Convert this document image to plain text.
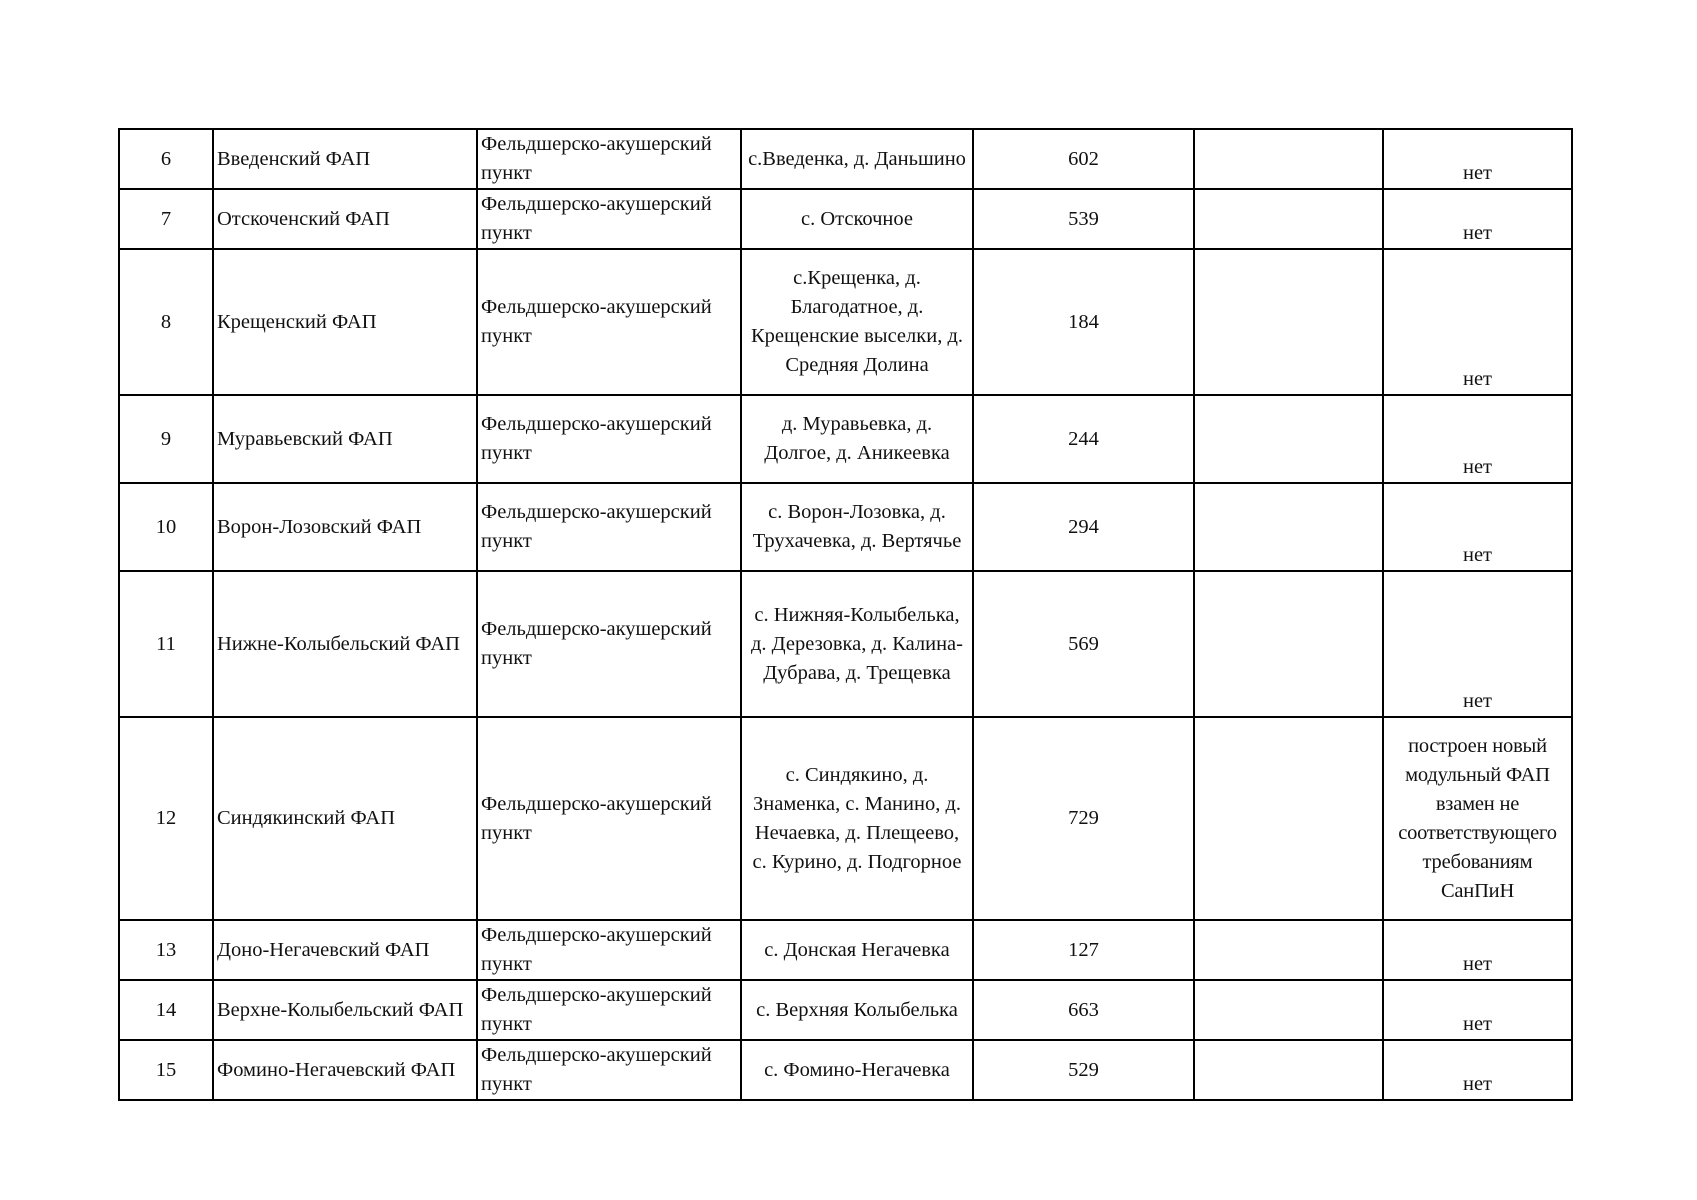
6	Введенский ФАП	Фельдшерско-акушерский пункт	с.Введенка, д. Даньшино	602		нет
7	Отскоченский ФАП	Фельдшерско-акушерский пункт	с. Отскочное	539		нет
8	Крещенский ФАП	Фельдшерско-акушерский пункт	с.Крещенка, д. Благодатное, д. Крещенские выселки, д. Средняя Долина	184		нет
9	Муравьевский ФАП	Фельдшерско-акушерский пункт	д. Муравьевка, д. Долгое, д. Аникеевка	244		нет
10	Ворон-Лозовский ФАП	Фельдшерско-акушерский пункт	с. Ворон-Лозовка, д. Трухачевка, д. Вертячье	294		нет
11	Нижне-Колыбельский ФАП	Фельдшерско-акушерский пункт	с. Нижняя-Колыбелька, д. Дерезовка, д. Калина-Дубрава, д. Трещевка	569		нет
12	Синдякинский ФАП	Фельдшерско-акушерский пункт	с. Синдякино, д. Знаменка, с. Манино, д. Нечаевка, д. Плещеево, с. Курино, д. Подгорное	729		построен новый модульный ФАП взамен не соответствующего требованиям СанПиН
13	Доно-Негачевский ФАП	Фельдшерско-акушерский пункт	с. Донская Негачевка	127		нет
14	Верхне-Колыбельский ФАП	Фельдшерско-акушерский пункт	с. Верхняя Колыбелька	663		нет
15	Фомино-Негачевский ФАП	Фельдшерско-акушерский пункт	с. Фомино-Негачевка	529		нет
